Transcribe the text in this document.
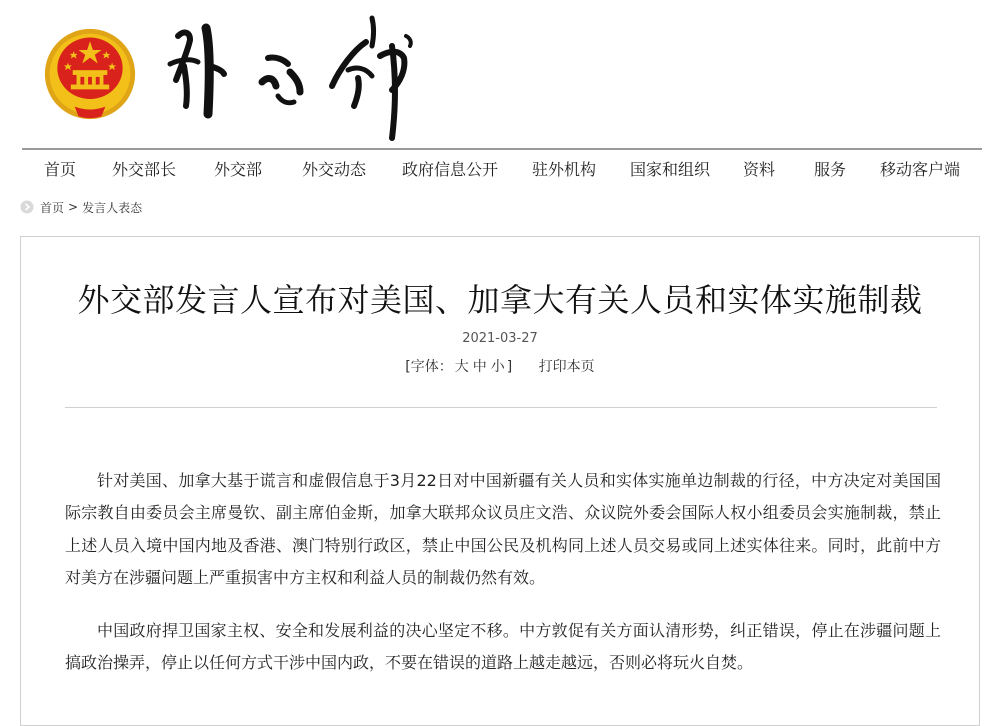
首页 外交部长 外交部 外交动态 政府信息公开 驻外机构 国家和组织 资料 服务 移动客户端
首页 > 发言人表态
外交部发言人宣布对美国、加拿大有关人员和实体实施制裁
2021-03-27
[字体： 大 中 小 ] 打印本页

针对美国、加拿大基于谎言和虚假信息于3月22日对中国新疆有关人员和实体实施单边制裁的行径，中方决定对美国国际宗教自由委员会主席曼钦、副主席伯金斯，加拿大联邦众议员庄文浩、众议院外委会国际人权小组委员会实施制裁，禁止上述人员入境中国内地及香港、澳门特别行政区，禁止中国公民及机构同上述人员交易或同上述实体往来。同时，此前中方对美方在涉疆问题上严重损害中方主权和利益人员的制裁仍然有效。

中国政府捍卫国家主权、安全和发展利益的决心坚定不移。中方敦促有关方面认清形势，纠正错误，停止在涉疆问题上搞政治操弄，停止以任何方式干涉中国内政，不要在错误的道路上越走越远，否则必将玩火自焚。
